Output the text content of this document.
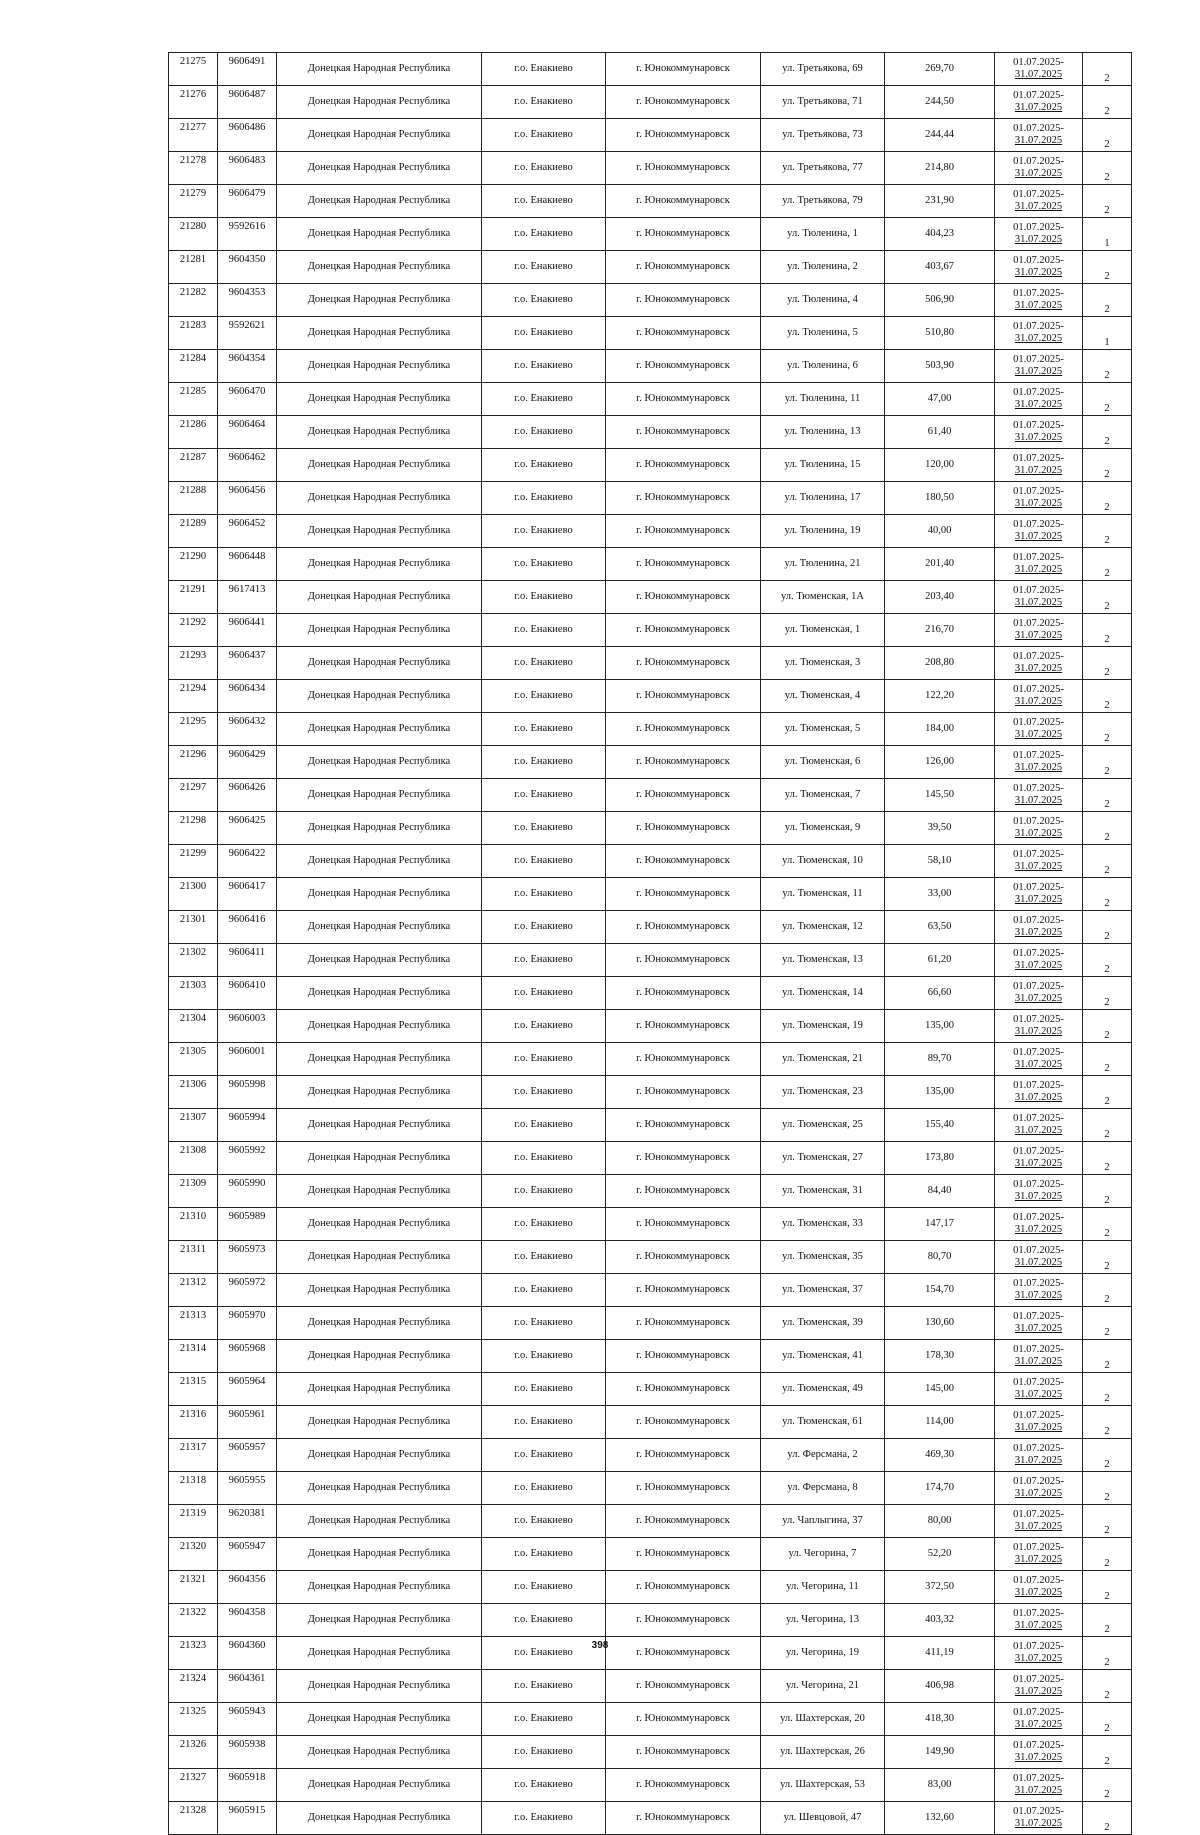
21275	9606491	Донецкая Народная Республика	г.о. Енакиево	г. Юнокоммунаровск	ул. Третьякова, 69	269,70	01.07.2025-
31.07.2025	2
21276	9606487	Донецкая Народная Республика	г.о. Енакиево	г. Юнокоммунаровск	ул. Третьякова, 71	244,50	01.07.2025-
31.07.2025	2
21277	9606486	Донецкая Народная Республика	г.о. Енакиево	г. Юнокоммунаровск	ул. Третьякова, 73	244,44	01.07.2025-
31.07.2025	2
21278	9606483	Донецкая Народная Республика	г.о. Енакиево	г. Юнокоммунаровск	ул. Третьякова, 77	214,80	01.07.2025-
31.07.2025	2
21279	9606479	Донецкая Народная Республика	г.о. Енакиево	г. Юнокоммунаровск	ул. Третьякова, 79	231,90	01.07.2025-
31.07.2025	2
21280	9592616	Донецкая Народная Республика	г.о. Енакиево	г. Юнокоммунаровск	ул. Тюленина, 1	404,23	01.07.2025-
31.07.2025	1
21281	9604350	Донецкая Народная Республика	г.о. Енакиево	г. Юнокоммунаровск	ул. Тюленина, 2	403,67	01.07.2025-
31.07.2025	2
21282	9604353	Донецкая Народная Республика	г.о. Енакиево	г. Юнокоммунаровск	ул. Тюленина, 4	506,90	01.07.2025-
31.07.2025	2
21283	9592621	Донецкая Народная Республика	г.о. Енакиево	г. Юнокоммунаровск	ул. Тюленина, 5	510,80	01.07.2025-
31.07.2025	1
21284	9604354	Донецкая Народная Республика	г.о. Енакиево	г. Юнокоммунаровск	ул. Тюленина, 6	503,90	01.07.2025-
31.07.2025	2
21285	9606470	Донецкая Народная Республика	г.о. Енакиево	г. Юнокоммунаровск	ул. Тюленина, 11	47,00	01.07.2025-
31.07.2025	2
21286	9606464	Донецкая Народная Республика	г.о. Енакиево	г. Юнокоммунаровск	ул. Тюленина, 13	61,40	01.07.2025-
31.07.2025	2
21287	9606462	Донецкая Народная Республика	г.о. Енакиево	г. Юнокоммунаровск	ул. Тюленина, 15	120,00	01.07.2025-
31.07.2025	2
21288	9606456	Донецкая Народная Республика	г.о. Енакиево	г. Юнокоммунаровск	ул. Тюленина, 17	180,50	01.07.2025-
31.07.2025	2
21289	9606452	Донецкая Народная Республика	г.о. Енакиево	г. Юнокоммунаровск	ул. Тюленина, 19	40,00	01.07.2025-
31.07.2025	2
21290	9606448	Донецкая Народная Республика	г.о. Енакиево	г. Юнокоммунаровск	ул. Тюленина, 21	201,40	01.07.2025-
31.07.2025	2
21291	9617413	Донецкая Народная Республика	г.о. Енакиево	г. Юнокоммунаровск	ул. Тюменская, 1А	203,40	01.07.2025-
31.07.2025	2
21292	9606441	Донецкая Народная Республика	г.о. Енакиево	г. Юнокоммунаровск	ул. Тюменская, 1	216,70	01.07.2025-
31.07.2025	2
21293	9606437	Донецкая Народная Республика	г.о. Енакиево	г. Юнокоммунаровск	ул. Тюменская, 3	208,80	01.07.2025-
31.07.2025	2
21294	9606434	Донецкая Народная Республика	г.о. Енакиево	г. Юнокоммунаровск	ул. Тюменская, 4	122,20	01.07.2025-
31.07.2025	2
21295	9606432	Донецкая Народная Республика	г.о. Енакиево	г. Юнокоммунаровск	ул. Тюменская, 5	184,00	01.07.2025-
31.07.2025	2
21296	9606429	Донецкая Народная Республика	г.о. Енакиево	г. Юнокоммунаровск	ул. Тюменская, 6	126,00	01.07.2025-
31.07.2025	2
21297	9606426	Донецкая Народная Республика	г.о. Енакиево	г. Юнокоммунаровск	ул. Тюменская, 7	145,50	01.07.2025-
31.07.2025	2
21298	9606425	Донецкая Народная Республика	г.о. Енакиево	г. Юнокоммунаровск	ул. Тюменская, 9	39,50	01.07.2025-
31.07.2025	2
21299	9606422	Донецкая Народная Республика	г.о. Енакиево	г. Юнокоммунаровск	ул. Тюменская, 10	58,10	01.07.2025-
31.07.2025	2
21300	9606417	Донецкая Народная Республика	г.о. Енакиево	г. Юнокоммунаровск	ул. Тюменская, 11	33,00	01.07.2025-
31.07.2025	2
21301	9606416	Донецкая Народная Республика	г.о. Енакиево	г. Юнокоммунаровск	ул. Тюменская, 12	63,50	01.07.2025-
31.07.2025	2
21302	9606411	Донецкая Народная Республика	г.о. Енакиево	г. Юнокоммунаровск	ул. Тюменская, 13	61,20	01.07.2025-
31.07.2025	2
21303	9606410	Донецкая Народная Республика	г.о. Енакиево	г. Юнокоммунаровск	ул. Тюменская, 14	66,60	01.07.2025-
31.07.2025	2
21304	9606003	Донецкая Народная Республика	г.о. Енакиево	г. Юнокоммунаровск	ул. Тюменская, 19	135,00	01.07.2025-
31.07.2025	2
21305	9606001	Донецкая Народная Республика	г.о. Енакиево	г. Юнокоммунаровск	ул. Тюменская, 21	89,70	01.07.2025-
31.07.2025	2
21306	9605998	Донецкая Народная Республика	г.о. Енакиево	г. Юнокоммунаровск	ул. Тюменская, 23	135,00	01.07.2025-
31.07.2025	2
21307	9605994	Донецкая Народная Республика	г.о. Енакиево	г. Юнокоммунаровск	ул. Тюменская, 25	155,40	01.07.2025-
31.07.2025	2
21308	9605992	Донецкая Народная Республика	г.о. Енакиево	г. Юнокоммунаровск	ул. Тюменская, 27	173,80	01.07.2025-
31.07.2025	2
21309	9605990	Донецкая Народная Республика	г.о. Енакиево	г. Юнокоммунаровск	ул. Тюменская, 31	84,40	01.07.2025-
31.07.2025	2
21310	9605989	Донецкая Народная Республика	г.о. Енакиево	г. Юнокоммунаровск	ул. Тюменская, 33	147,17	01.07.2025-
31.07.2025	2
21311	9605973	Донецкая Народная Республика	г.о. Енакиево	г. Юнокоммунаровск	ул. Тюменская, 35	80,70	01.07.2025-
31.07.2025	2
21312	9605972	Донецкая Народная Республика	г.о. Енакиево	г. Юнокоммунаровск	ул. Тюменская, 37	154,70	01.07.2025-
31.07.2025	2
21313	9605970	Донецкая Народная Республика	г.о. Енакиево	г. Юнокоммунаровск	ул. Тюменская, 39	130,60	01.07.2025-
31.07.2025	2
21314	9605968	Донецкая Народная Республика	г.о. Енакиево	г. Юнокоммунаровск	ул. Тюменская, 41	178,30	01.07.2025-
31.07.2025	2
21315	9605964	Донецкая Народная Республика	г.о. Енакиево	г. Юнокоммунаровск	ул. Тюменская, 49	145,00	01.07.2025-
31.07.2025	2
21316	9605961	Донецкая Народная Республика	г.о. Енакиево	г. Юнокоммунаровск	ул. Тюменская, 61	114,00	01.07.2025-
31.07.2025	2
21317	9605957	Донецкая Народная Республика	г.о. Енакиево	г. Юнокоммунаровск	ул. Ферсмана, 2	469,30	01.07.2025-
31.07.2025	2
21318	9605955	Донецкая Народная Республика	г.о. Енакиево	г. Юнокоммунаровск	ул. Ферсмана, 8	174,70	01.07.2025-
31.07.2025	2
21319	9620381	Донецкая Народная Республика	г.о. Енакиево	г. Юнокоммунаровск	ул. Чаплыгина, 37	80,00	01.07.2025-
31.07.2025	2
21320	9605947	Донецкая Народная Республика	г.о. Енакиево	г. Юнокоммунаровск	ул. Чегорина, 7	52,20	01.07.2025-
31.07.2025	2
21321	9604356	Донецкая Народная Республика	г.о. Енакиево	г. Юнокоммунаровск	ул. Чегорина, 11	372,50	01.07.2025-
31.07.2025	2
21322	9604358	Донецкая Народная Республика	г.о. Енакиево	г. Юнокоммунаровск	ул. Чегорина, 13	403,32	01.07.2025-
31.07.2025	2
21323	9604360	Донецкая Народная Республика	г.о. Енакиево	г. Юнокоммунаровск	ул. Чегорина, 19	411,19	01.07.2025-
31.07.2025	2
21324	9604361	Донецкая Народная Республика	г.о. Енакиево	г. Юнокоммунаровск	ул. Чегорина, 21	406,98	01.07.2025-
31.07.2025	2
21325	9605943	Донецкая Народная Республика	г.о. Енакиево	г. Юнокоммунаровск	ул. Шахтерская, 20	418,30	01.07.2025-
31.07.2025	2
21326	9605938	Донецкая Народная Республика	г.о. Енакиево	г. Юнокоммунаровск	ул. Шахтерская, 26	149,90	01.07.2025-
31.07.2025	2
21327	9605918	Донецкая Народная Республика	г.о. Енакиево	г. Юнокоммунаровск	ул. Шахтерская, 53	83,00	01.07.2025-
31.07.2025	2
21328	9605915	Донецкая Народная Республика	г.о. Енакиево	г. Юнокоммунаровск	ул. Шевцовой, 47	132,60	01.07.2025-
31.07.2025	2
398
